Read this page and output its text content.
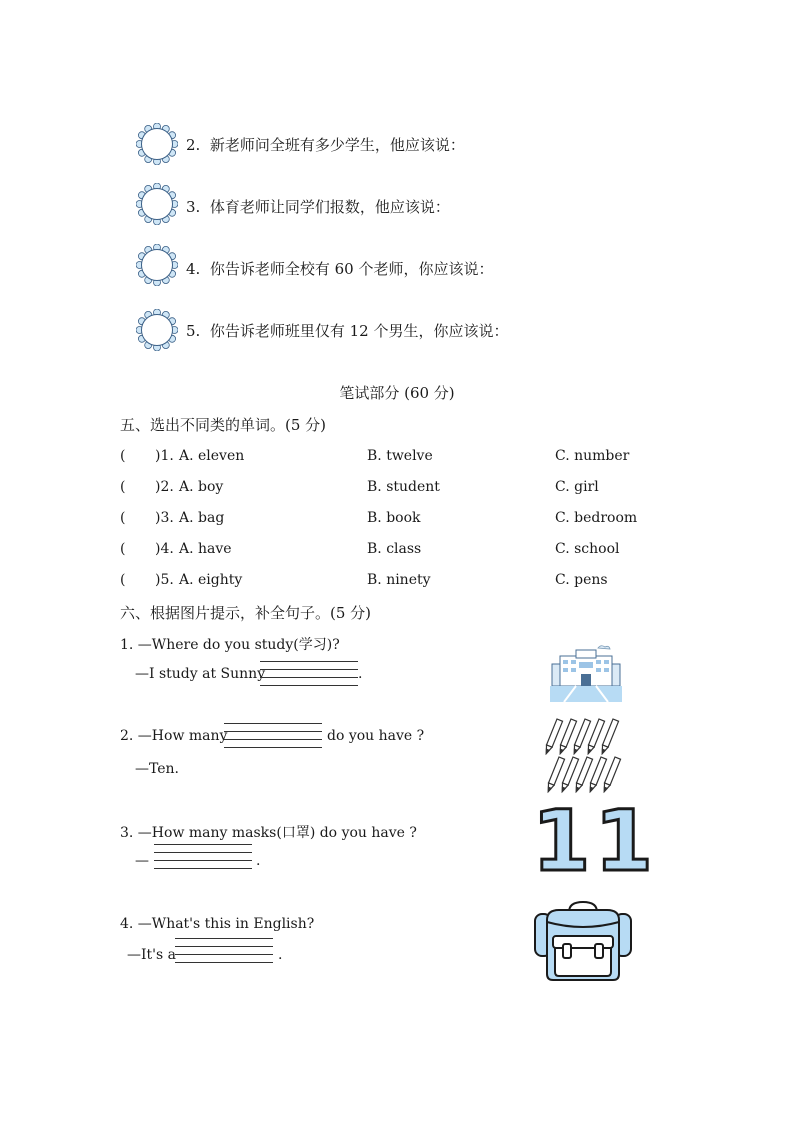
2. 新老师问全班有多少学生，他应该说：
3. 体育老师让同学们报数，他应该说：
4. 你告诉老师全校有 60 个老师，你应该说：
5. 你告诉老师班里仅有 12 个男生，你应该说：
笔试部分 (60 分)
五、选出不同类的单词。(5 分)
( )1. A. eleven	B. twelve	C. number
( )2. A. boy	B. student	C. girl
( )3. A. bag	B. book	C. bedroom
( )4. A. have	B. class	C. school
( )5. A. eighty	B. ninety	C. pens
六、根据图片提示，补全句子。(5 分)
1. —Where do you study(学习)?
—I study at Sunny	.
2. —How many	do you have ?
—Ten.
3. —How many masks(口罩) do you have ?
—	.	11
4. —What's this in English?
—It's a	.
